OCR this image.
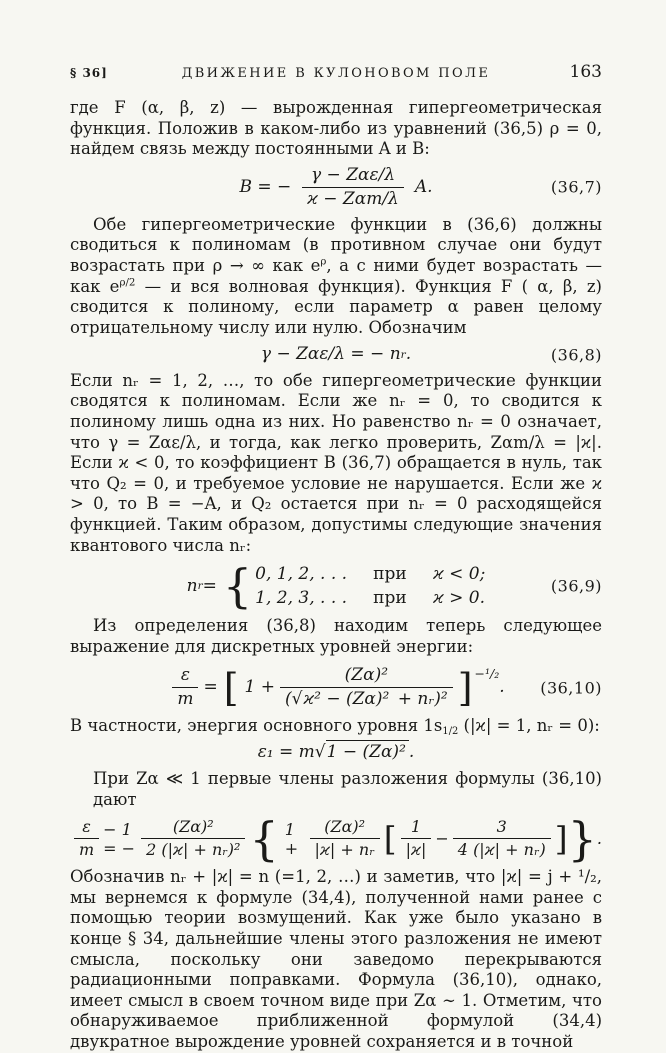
§ 36]	ДВИЖЕНИЕ В КУЛОНОВОМ ПОЛЕ	163

где F (α, β, z) — вырожденная гипергеометрическая функция. Положив в каком-либо из уравнений (36,5) ρ = 0, найдем связь между постоянными A и B:

B = − $\frac{\text{γ − Zαε/λ}}{\text{ϰ − Zαm/λ}} A$.	(36,7)

Обе гипергеометрические функции в (36,6) должны сводиться к полиномам (в противном случае они будут возрастать при ρ → ∞ как $e^\rho$, а с ними будет возрастать — как $e^{\rho/2}$ — и вся волновая функция). Функция F ( α, β, z) сводится к полиному, если параметр α равен целому отрицательному числу или нулю. Обозначим

γ − Zαε/λ = − n r .	(36,8)

Если nᵣ = 1, 2, …, то обе гипергеометрические функции сводятся к полиномам. Если же nᵣ = 0, то сводится к полиному лишь одна из них. Но равенство nᵣ = 0 означает, что γ = Zαε/λ, и тогда, как легко проверить, Zαm/λ = |ϰ|. Если ϰ < 0, то коэффициент B (36,7) обращается в нуль, так что Q₂ = 0, и требуемое условие не нарушается. Если же ϰ > 0, то B = −A, и Q₂ остается при nᵣ = 0 расходящейся функцией. Таким образом, допустимы следующие значения квантового числа nᵣ:

n r = { 0, 1, 2, . . .	при	ϰ < 0;
1, 2, 3, . . .	при	ϰ > 0.
(36,9)

Из определения (36,8) находим теперь следующее выражение для дискретных уровней энергии:

$\frac{\varepsilon}{m}$ = [ $1 + \frac{\text{(Zα)²}}{\text{(√ϰ² − (Zα)² + nᵣ)²}}$ ] −¹/₂
. (36,10)

В частности, энергия основного уровня 1s1/2 (|ϰ| = 1, nᵣ = 0):

ε₁ = m √1 − (Zα)² .

При Zα ≪ 1 первые члены разложения формулы (36,10)
дают

$\frac{\varepsilon}{m} - 1$ = − $\frac{\text{(Zα)²}}{\text{2 (|ϰ| + nᵣ)²}}$ { $1 + \frac{\text{(Zα)²}}{\text{|ϰ| + nᵣ}}$ [ $\frac{1}{|ϰ|} - \frac{3}{\text{4 (|ϰ| + nᵣ)}}$ ] } .

Обозначив nᵣ + |ϰ| = n (=1, 2, …) и заметив, что |ϰ| = j + ¹/₂, мы вернемся к формуле (34,4), полученной нами ранее с помощью теории возмущений. Как уже было указано в конце § 34, дальнейшие члены этого разложения не имеют смысла, поскольку они заведомо перекрываются радиационными поправками. Формула (36,10), однако, имеет смысл в своем точном виде при Zα ∼ 1. Отметим, что обнаруживаемое приближенной формулой (34,4) двукратное вырождение уровней сохраняется и в точной
